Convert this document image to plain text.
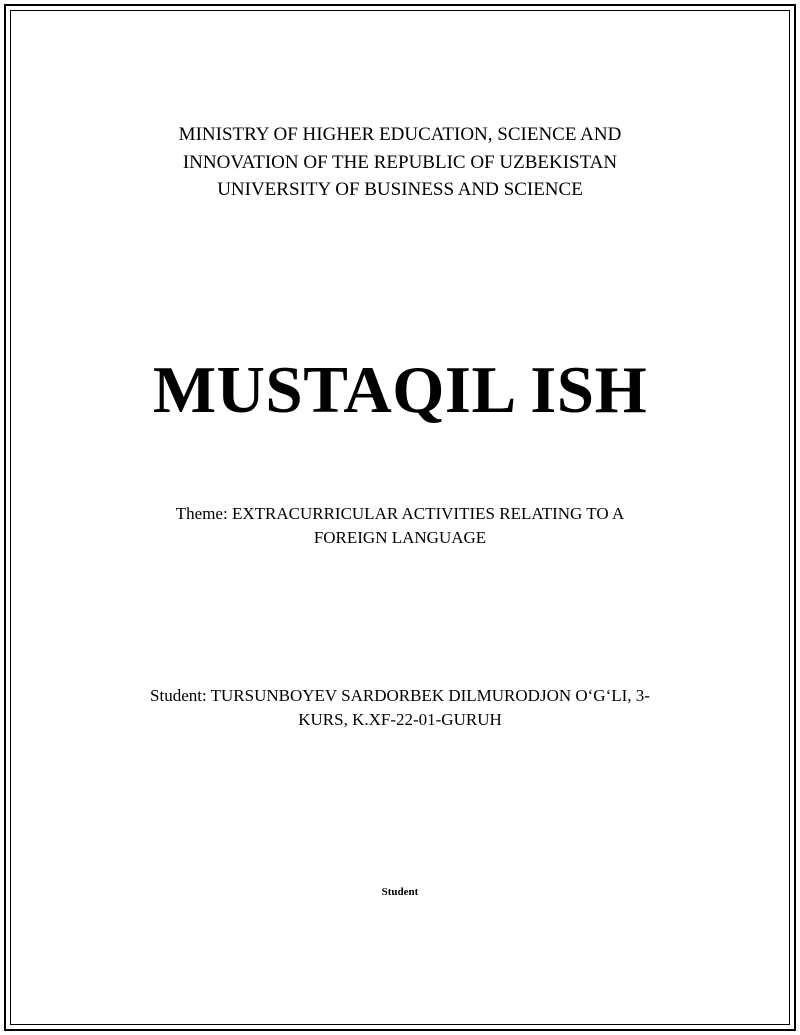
MINISTRY OF HIGHER EDUCATION, SCIENCE AND
INNOVATION OF THE REPUBLIC OF UZBEKISTAN
UNIVERSITY OF BUSINESS AND SCIENCE
MUSTAQIL ISH
Theme: EXTRACURRICULAR ACTIVITIES RELATING TO A
FOREIGN LANGUAGE
Student: TURSUNBOYEV SARDORBEK DILMURODJON O‘G‘LI, 3-
KURS, K.XF-22-01-GURUH
Student
